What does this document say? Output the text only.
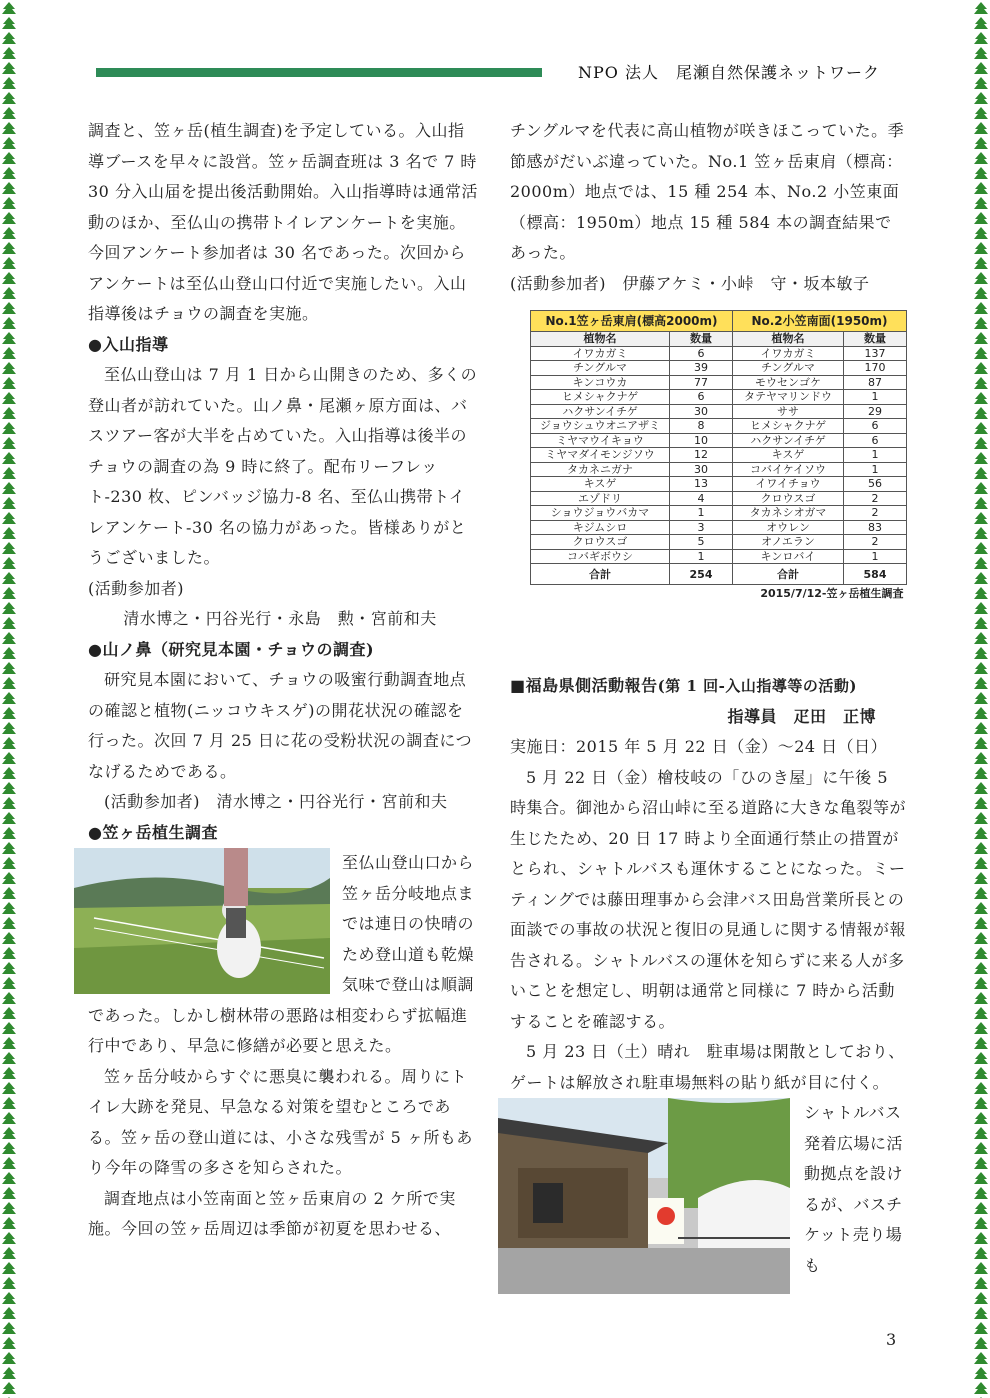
NPO 法人　尾瀬自然保護ネットワーク

調査と、笠ヶ岳(植生調査)を予定している。入山指導ブースを早々に設営。笠ヶ岳調査班は 3 名で 7 時 30 分入山届を提出後活動開始。入山指導時は通常活動のほか、至仏山の携帯トイレアンケートを実施。今回アンケート参加者は 30 名であった。次回からアンケートは至仏山登山口付近で実施したい。入山指導後はチョウの調査を実施。

●入山指導

至仏山登山は 7 月 1 日から山開きのため、多くの登山者が訪れていた。山ノ鼻・尾瀬ヶ原方面は、バスツアー客が大半を占めていた。入山指導は後半のチョウの調査の為 9 時に終了。配布リーフレット-230 枚、ピンバッジ協力-8 名、至仏山携帯トイレアンケート-30 名の協力があった。皆様ありがとうございました。

(活動参加者)

清水博之・円谷光行・永島　勲・宮前和夫

●山ノ鼻（研究見本園・チョウの調査)

研究見本園において、チョウの吸蜜行動調査地点の確認と植物(ニッコウキスゲ)の開花状況の確認を行った。次回 7 月 25 日に花の受粉状況の調査につなげるためである。

(活動参加者)　清水博之・円谷光行・宮前和夫

●笠ヶ岳植生調査

至仏山登山口から笠ヶ岳分岐地点までは連日の快晴のため登山道も乾燥気味で登山は順調であった。しかし樹林帯の悪路は相変わらず拡幅進行中であり、早急に修繕が必要と思えた。

笠ヶ岳分岐からすぐに悪臭に襲われる。周りにトイレ大跡を発見、早急なる対策を望むところである。笠ヶ岳の登山道には、小さな残雪が 5 ヶ所もあり今年の降雪の多さを知らされた。

調査地点は小笠南面と笠ヶ岳東肩の 2 ケ所で実施。今回の笠ヶ岳周辺は季節が初夏を思わせる、

チングルマを代表に高山植物が咲きほこっていた。季節感がだいぶ違っていた。No.1 笠ヶ岳東肩（標高：2000m）地点では、15 種 254 本、No.2 小笠東面（標高：1950m）地点 15 種 584 本の調査結果であった。

(活動参加者)　伊藤アケミ・小峠　守・坂本敏子

■福島県側活動報告(第 1 回-入山指導等の活動)

指導員　疋田　正博

実施日：2015 年 5 月 22 日（金）～24 日（日）

5 月 22 日（金）檜枝岐の「ひのき屋」に午後 5 時集合。御池から沼山峠に至る道路に大きな亀裂等が生じたため、20 日 17 時より全面通行禁止の措置がとられ、シャトルバスも運休することになった。ミーティングでは藤田理事から会津バス田島営業所長との面談での事故の状況と復旧の見通しに関する情報が報告される。シャトルバスの運休を知らずに来る人が多いことを想定し、明朝は通常と同様に 7 時から活動することを確認する。

5 月 23 日（土）晴れ　駐車場は閑散としており、ゲートは解放され駐車場無料の貼り紙が目に付く。

シャトルバス発着広場に活動拠点を設けるが、バスチケット売り場も

No.1笠ヶ岳東肩(標高2000m)		No.2小笠南面(1950m)	
植物名	数量	植物名	数量
イワカガミ	6	イワカガミ	137
チングルマ	39	チングルマ	170
キンコウカ	77	モウセンゴケ	87
ヒメシャクナゲ	6	タテヤマリンドウ	1
ハクサンイチゲ	30	ササ	29
ジョウシュウオニアザミ	8	ヒメシャクナゲ	6
ミヤマウイキョウ	10	ハクサンイチゲ	6
ミヤマダイモンジソウ	12	キスゲ	1
タカネニガナ	30	コバイケイソウ	1
キスゲ	13	イワイチョウ	56
エゾドリ	4	クロウスゴ	2
ショウジョウバカマ	1	タカネシオガマ	2
キジムシロ	3	オウレン	83
クロウスゴ	5	オノエラン	2
コバギボウシ	1	キンロバイ	1
合計	254	合計	584
2015/7/12-笠ヶ岳植生調査			
3
